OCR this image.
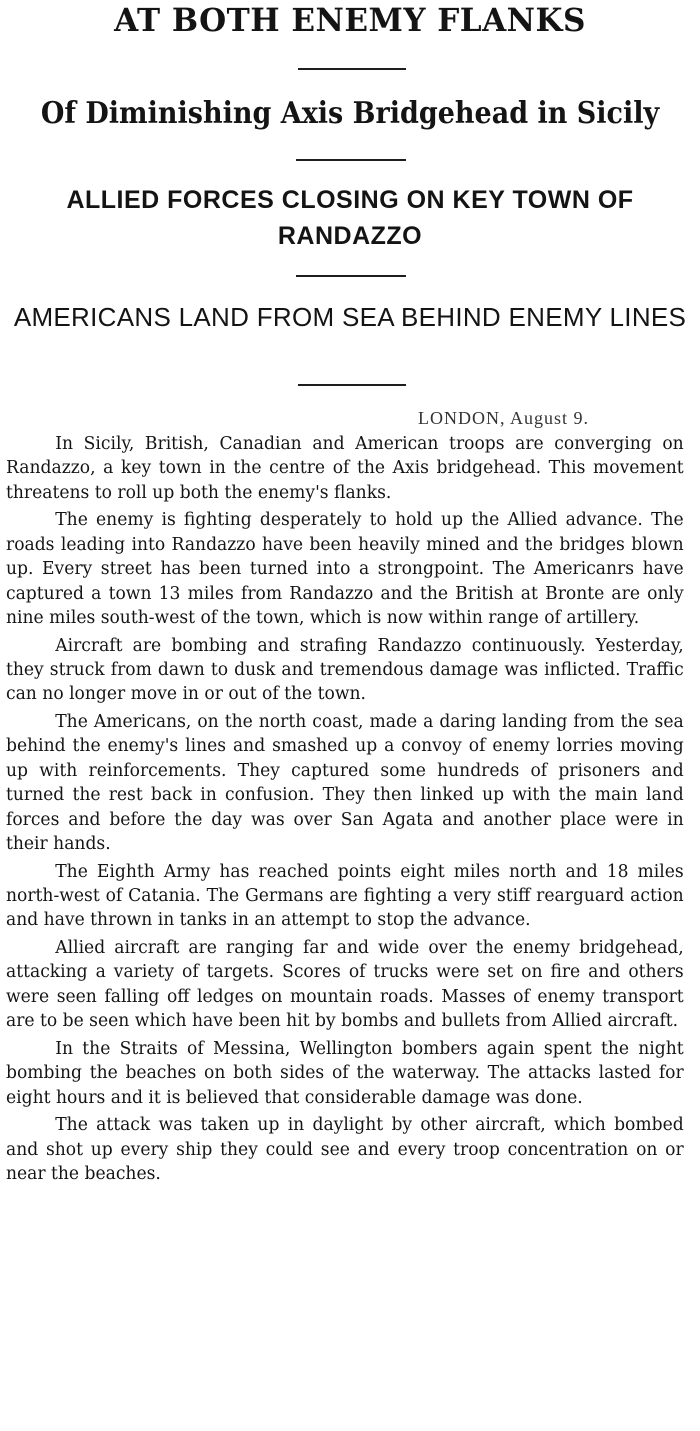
AT BOTH ENEMY FLANKS
Of Diminishing Axis Bridgehead in Sicily
ALLIED FORCES CLOSING ON KEY TOWN OF RANDAZZO
AMERICANS LAND FROM SEA BEHIND ENEMY LINES
LONDON, August 9.

In Sicily, British, Canadian and American troops are converging on Randazzo, a key town in the centre of the Axis bridgehead. This movement threatens to roll up both the enemy's flanks.

The enemy is fighting desperately to hold up the Allied advance. The roads leading into Randazzo have been heavily mined and the bridges blown up. Every street has been turned into a strongpoint. The Americanrs have captured a town 13 miles from Randazzo and the British at Bronte are only nine miles south-west of the town, which is now within range of artillery.

Aircraft are bombing and strafing Randazzo continuously. Yesterday, they struck from dawn to dusk and tremendous damage was inflicted. Traffic can no longer move in or out of the town.

The Americans, on the north coast, made a daring landing from the sea behind the enemy's lines and smashed up a convoy of enemy lorries moving up with reinforcements. They captured some hundreds of prisoners and turned the rest back in confusion. They then linked up with the main land forces and before the day was over San Agata and another place were in their hands.

The Eighth Army has reached points eight miles north and 18 miles north-west of Catania. The Germans are fighting a very stiff rearguard action and have thrown in tanks in an attempt to stop the advance.

Allied aircraft are ranging far and wide over the enemy bridgehead, attacking a variety of targets. Scores of trucks were set on fire and others were seen falling off ledges on mountain roads. Masses of enemy transport are to be seen which have been hit by bombs and bullets from Allied aircraft.

In the Straits of Messina, Wellington bombers again spent the night bombing the beaches on both sides of the waterway. The attacks lasted for eight hours and it is believed that considerable damage was done.

The attack was taken up in daylight by other aircraft, which bombed and shot up every ship they could see and every troop concentration on or near the beaches.
